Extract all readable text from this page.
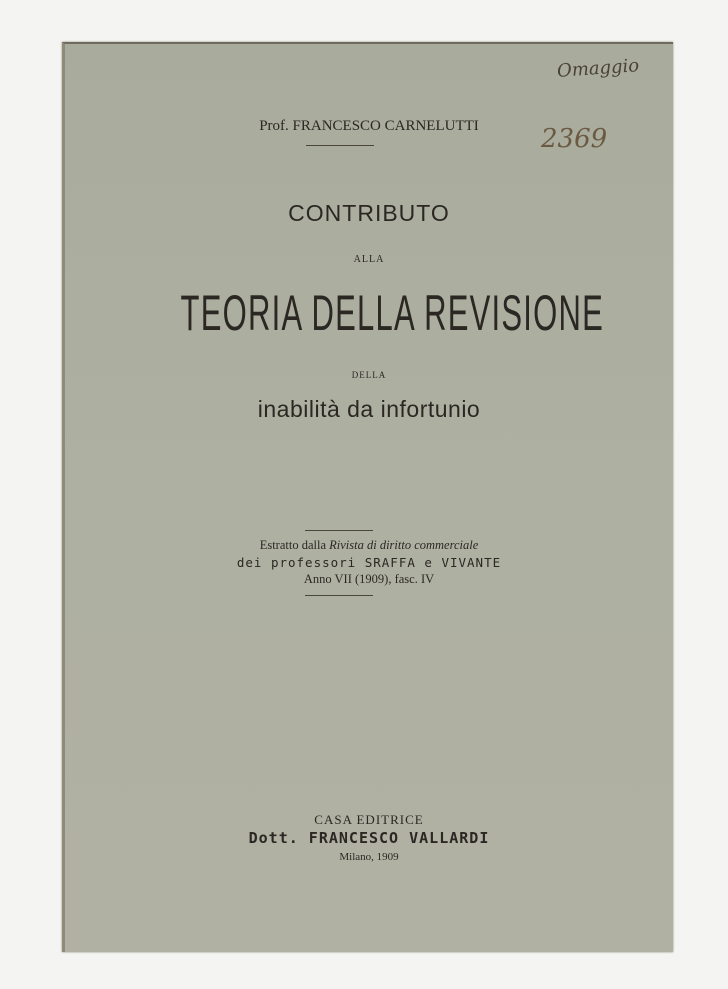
Omaggio
2369
Prof. FRANCESCO CARNELUTTI
CONTRIBUTO
ALLA
TEORIA DELLA REVISIONE
DELLA
inabilità da infortunio
Estratto dalla Rivista di diritto commerciale
dei professori SRAFFA e VIVANTE
Anno VII (1909), fasc. IV
CASA EDITRICE
Dott. FRANCESCO VALLARDI
Milano, 1909
